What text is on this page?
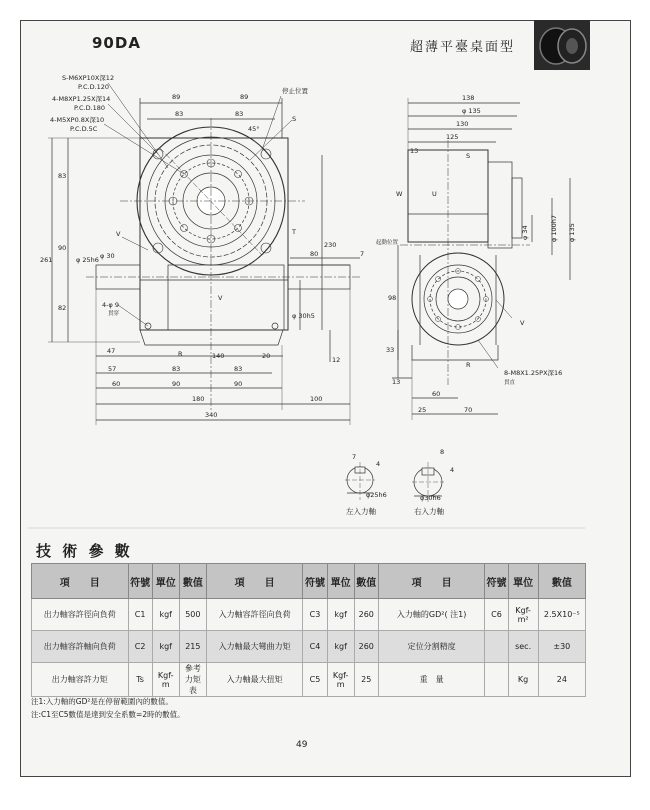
90DA	超薄平臺桌面型
S-M6XP10X深12
P.C.D.120
4-M8XP1.25X深14
P.C.D.180
4-M5XP0.8X深10
P.C.D.5C
停止位置
89	89
83	83
45°
S
T
V
V
R
83
261
90
82
φ 25h6 φ 30
4-φ 9
貫穿
230
80	7
φ 30h5
12
47
140	20
57	83	83
60	90	90
180	100
340
138
φ 135
130
125
13
S
W	U
起動位置
φ 34	φ 100h7 φ 135
98
33
13
V
R
8-M8X1.25PX深16
貫直
60
25	70
7
4
φ25h6
左入力軸
8
4
φ30h6
右入力軸
技 術 參 數
項　　目	符號	單位	數值	項　　目	符號	單位	數值	項　　目	符號	單位	數值
出力軸容許徑向負荷	C1	kgf	500	入力軸容許徑向負荷	C3	kgf	260	入力軸的GD²( 注1)	C6	Kgf-m²	2.5X10⁻⁵
出力軸容許軸向負荷	C2	kgf	215	入力軸最大彎曲力矩	C4	kgf	260	定位分割精度		sec.	±30
出力軸容許力矩	Ts	Kgf-m	參考力矩表	入力軸最大扭矩	C5	Kgf-m	25	重　量		Kg	24
注1:入力軸的GD²是在停留範圍內的數值。
注:C1至C5數值是達到安全系數=2時的數值。
49
